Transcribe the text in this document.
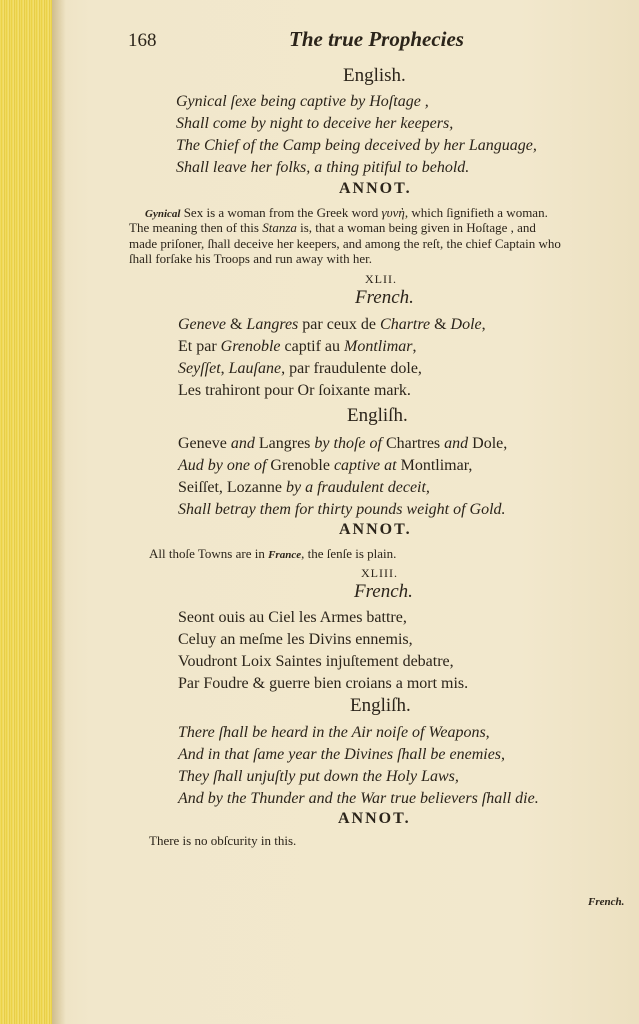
168	The true Prophecies
English.
Gynical ſexe being captive by Hoſtage ,
Shall come by night to deceive her keepers,
The Chief of the Camp being deceived by her Language,
Shall leave her folks, a thing pitiful to behold.
ANNOT.
Gynical Sex is a woman from the Greek word γυνὴ, which ſignifieth a woman.
The meaning then of this Stanza is, that a woman being given in Hoſtage , and
made priſoner, ſhall deceive her keepers, and among the reſt, the chief Captain who
ſhall forſake his Troops and run away with her.
XLII.
French.
Geneve & Langres par ceux de Chartre & Dole,
Et par Grenoble captif au Montlimar,
Seyſſet, Lauſane, par fraudulente dole,
Les trahiront pour Or ſoixante mark.
Engliſh.
Geneve and Langres by thoſe of Chartres and Dole,
Aud by one of Grenoble captive at Montlimar,
Seiſſet, Lozanne by a fraudulent deceit,
Shall betray them for thirty pounds weight of Gold.
ANNOT.
All thoſe Towns are in France, the ſenſe is plain.
XLIII.
French.
Seont ouis au Ciel les Armes battre,
Celuy an meſme les Divins ennemis,
Voudront Loix Saintes injuſtement debatre,
Par Foudre & guerre bien croians a mort mis.
Engliſh.
There ſhall be heard in the Air noiſe of Weapons,
And in that ſame year the Divines ſhall be enemies,
They ſhall unjuſtly put down the Holy Laws,
And by the Thunder and the War true believers ſhall die.
ANNOT.
There is no obſcurity in this.
French.
